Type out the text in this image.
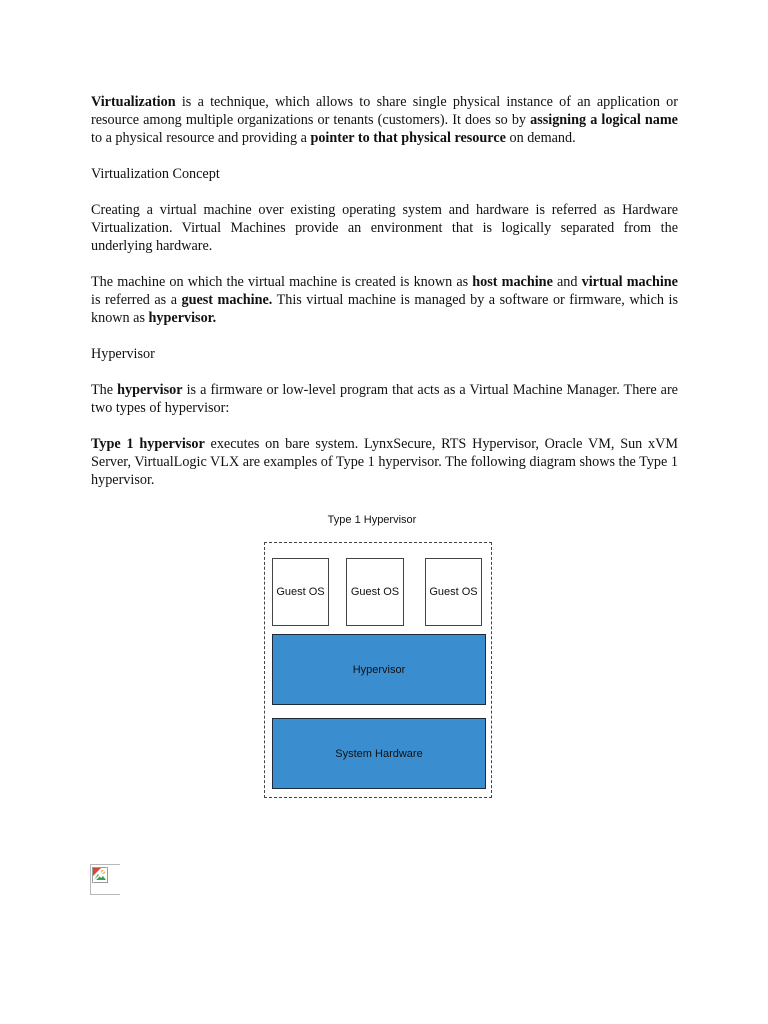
Virtualization is a technique, which allows to share single physical instance of an application or resource among multiple organizations or tenants (customers). It does so by assigning a logical name to a physical resource and providing a pointer to that physical resource on demand.

Virtualization Concept

Creating a virtual machine over existing operating system and hardware is referred as Hardware Virtualization. Virtual Machines provide an environment that is logically separated from the underlying hardware.

The machine on which the virtual machine is created is known as host machine and virtual machine is referred as a guest machine. This virtual machine is managed by a software or firmware, which is known as hypervisor.

Hypervisor

The hypervisor is a firmware or low-level program that acts as a Virtual Machine Manager. There are two types of hypervisor:

Type 1 hypervisor executes on bare system. LynxSecure, RTS Hypervisor, Oracle VM, Sun xVM Server, VirtualLogic VLX are examples of Type 1 hypervisor. The following diagram shows the Type 1 hypervisor.

Type 1 Hypervisor
Guest OS	Guest OS	Guest OS
Hypervisor
System Hardware
